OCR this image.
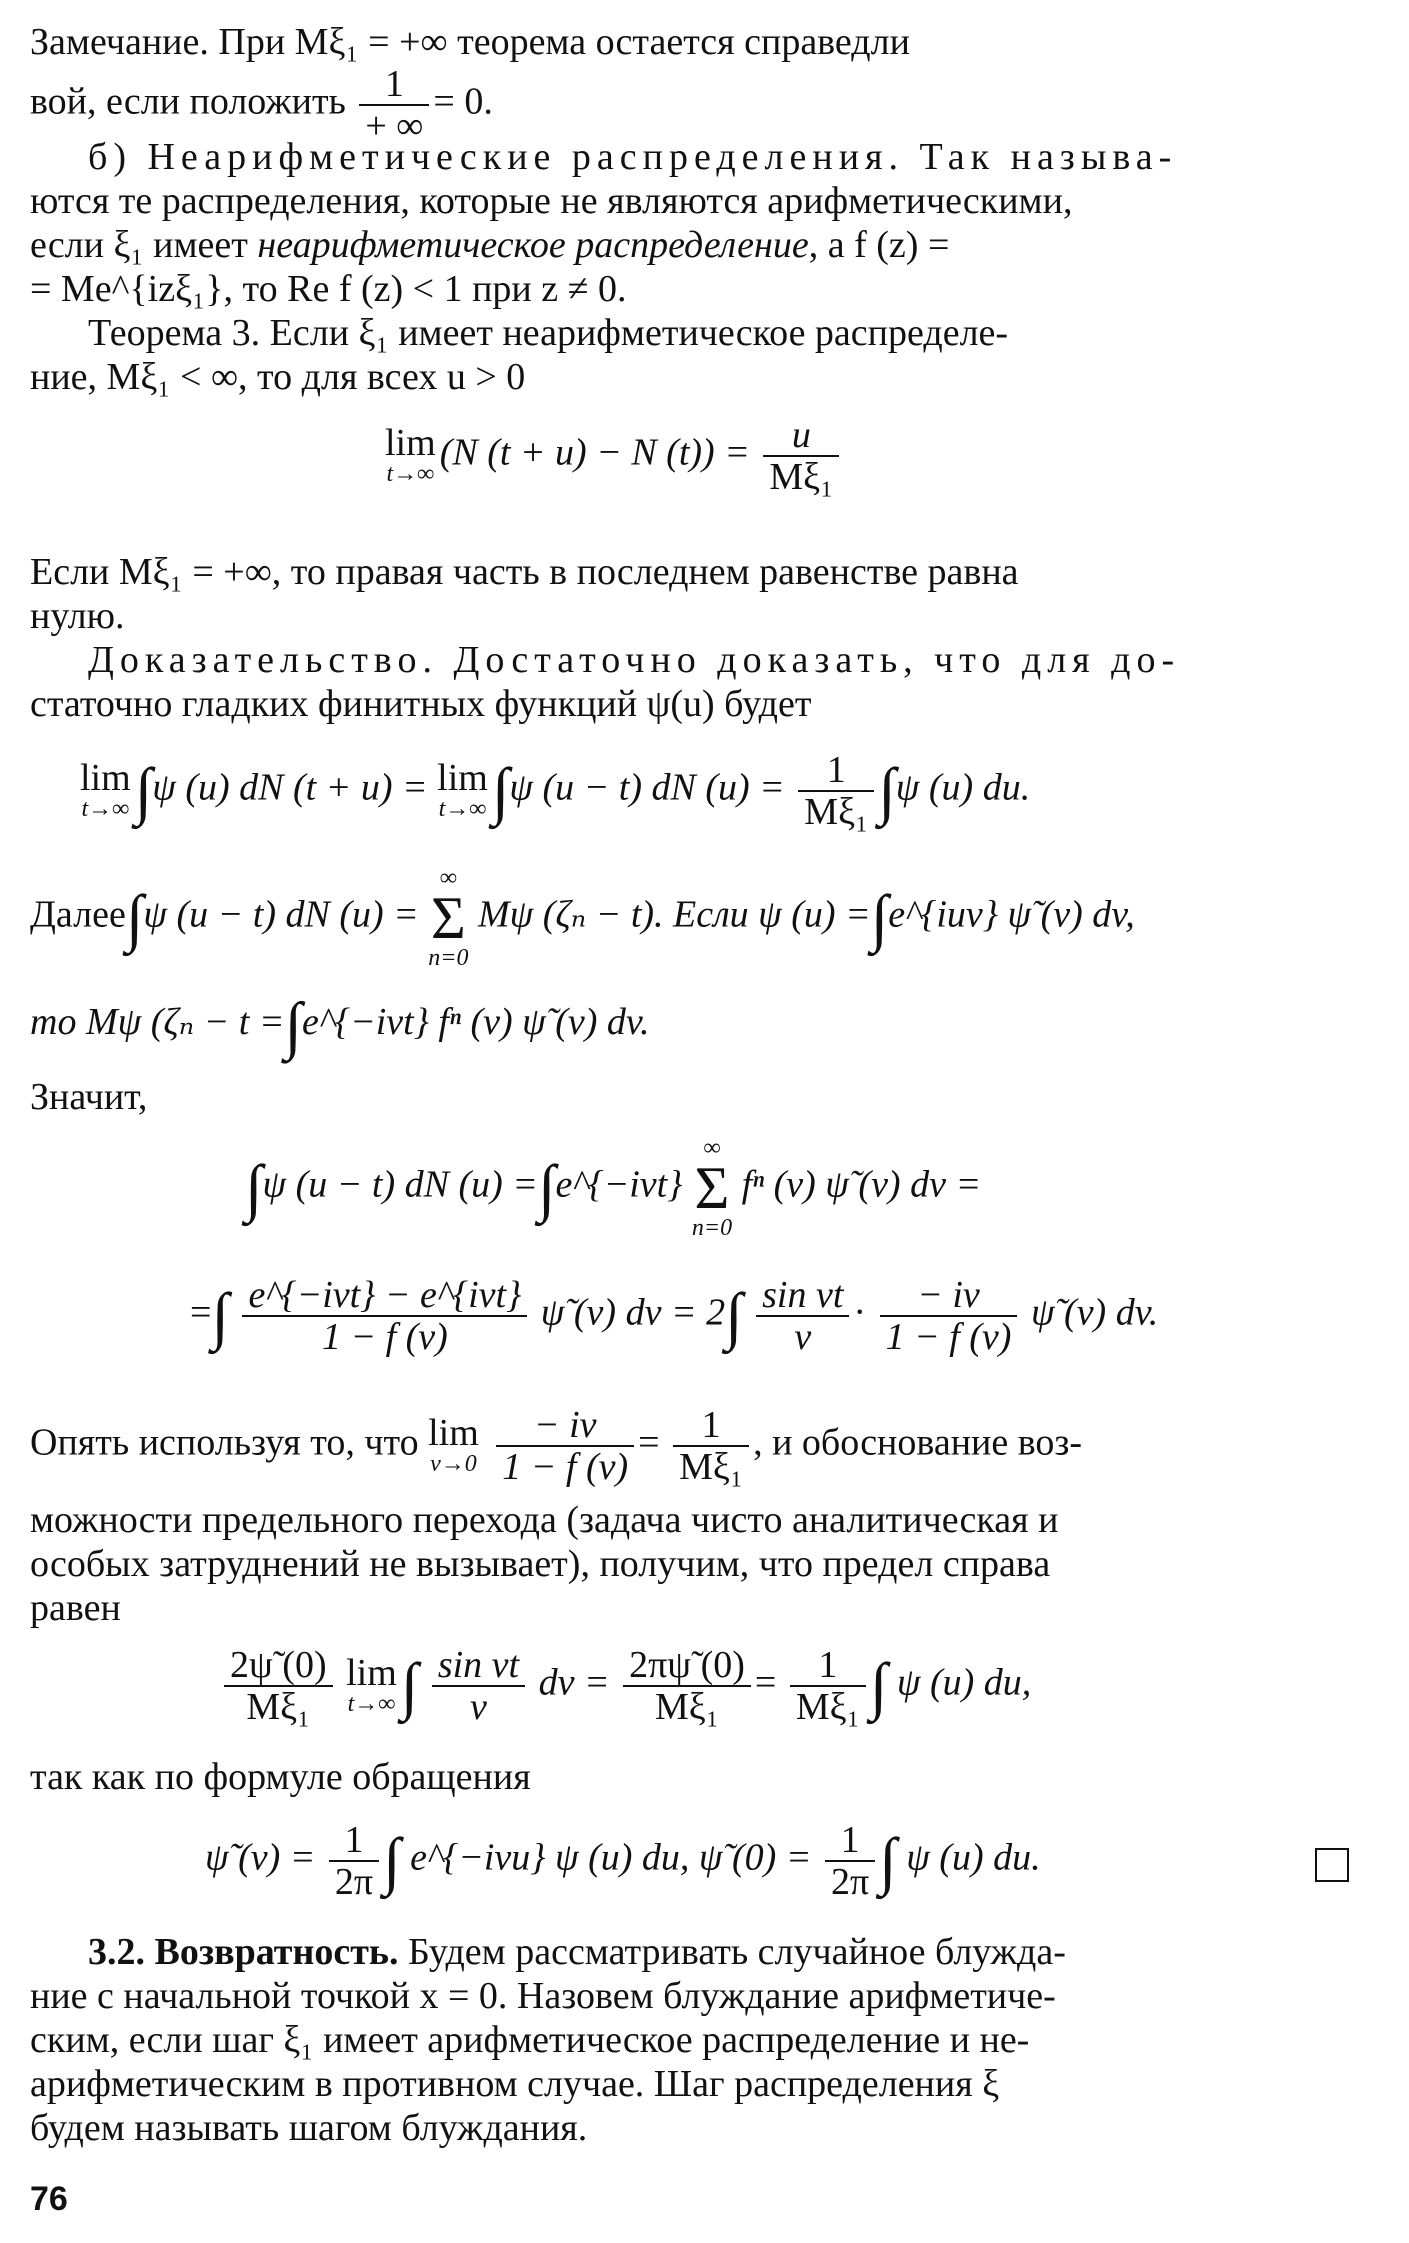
Замечание. При Mξ₁ = +∞ теорема остается справедли
вой, если положить	1
+ ∞
= 0.
б) Неарифметические распределения. Так называ-
ются те распределения, которые не являются арифметическими,
если ξ₁ имеет неарифметическое распределение, а f (z) =
= Me^{izξ₁}, то Re f (z) < 1 при z ≠ 0.
Теорема 3. Если ξ₁ имеет неарифметическое распределе-
ние, Mξ₁ < ∞, то для всех u > 0
lim
t→∞
(N (t + u) − N $(t)) = \frac{u}{\text{Mξ₁}}$
Если Mξ₁ = +∞, то правая часть в последнем равенстве равна
нулю.
Доказательство. Достаточно доказать, что для до-
статочно гладких финитных функций ψ(u) будет
lim
t→∞ ∫ψ (u) dN (t + u) = lim
t→∞ ∫ψ (u − t) dN $(u) = \frac{1}{\text{Mξ₁}} \int\psi$ (u) du.
Далее∫ψ (u − t) dN (u) =
∞
Σ
n=0
Mψ (ζₙ − t). Если ψ (u) =∫e^{iuv} ψ̃ (v) dv,
то Mψ (ζₙ − t =∫e^{−ivt} fⁿ (v) ψ̃ (v) dv.
Значит,
∫ψ (u − t) dN (u) =∫e^{−ivt}
∞
Σ
n=0
fⁿ (v) ψ̃ (v) dv =
=∫ e^{−ivt} − e^{ivt}
1 − f (v)
ψ̃ (v) dv = $2\int \frac{\text{sin vt}}{v} \cdot \frac{- iv}{1 - f (v)}$ ψ̃ (v) dv.
Опять используя то, что lim
v→0
$\frac{- iv}{1 - f (v)} = \frac{1}{\text{Mξ₁}}$ , и обоснование воз-
можности предельного перехода (задача чисто аналитическая и
особых затруднений не вызывает), получим, что предел справа
равен
$\frac{2\psĩ (0)}{\text{Mξ₁}}$ lim
t→∞ ∫ $\frac{\text{sin vt}}{v}$ dv = $\frac{2\pi\psĩ (0)}{\text{Mξ₁}} = \frac{1}{\text{Mξ₁}}$ ∫ ψ (u) du,
так как по формуле обращения
ψ̃ $(v) = \frac{1}{2\pi}$ ∫ e^{−ivu} ψ (u) du, ψ̃ $(0) = \frac{1}{2\pi}$ ∫ ψ (u) du.
3.2. Возвратность. Будем рассматривать случайное блужда-
ние с начальной точкой x = 0. Назовем блуждание арифметиче-
ским, если шаг ξ₁ имеет арифметическое распределение и не-
арифметическим в противном случае. Шаг распределения ξ
будем называть шагом блуждания.
76
